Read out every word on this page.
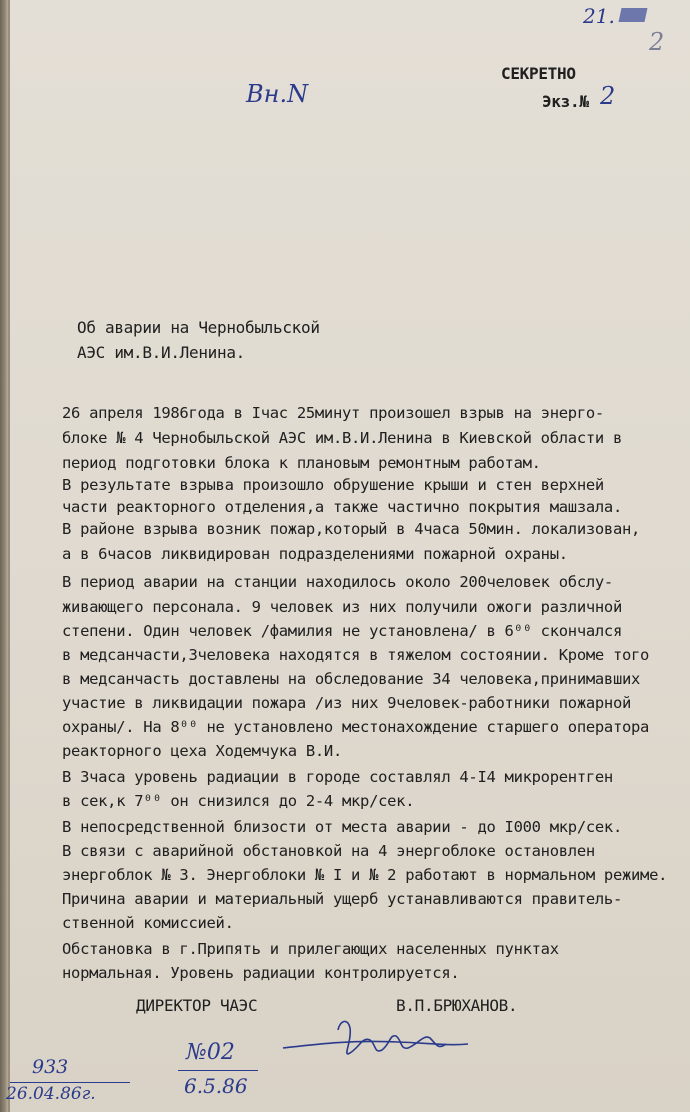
21.
2
Вн.N
СЕКРЕТНО
Экз.№ 2
Об аварии на Чернобыльской
АЭС им.В.И.Ленина.
26 апреля 1986года в Iчас 25минут произошел взрыв на энерго-
блоке № 4 Чернобыльской АЭС им.В.И.Ленина в Киевской области в
период подготовки блока к плановым ремонтным работам.
В результате взрыва произошло обрушение крыши и стен верхней
части реакторного отделения,а также частично покрытия машзала.
В районе взрыва возник пожар,который в 4часа 50мин. локализован,
а в 6часов ликвидирован подразделениями пожарной охраны.
В период аварии на станции находилось около 200человек обслу-
живающего персонала. 9 человек из них получили ожоги различной
степени. Один человек /фамилия не установлена/ в 6⁰⁰ скончался
в медсанчасти,3человека находятся в тяжелом состоянии. Кроме того
в медсанчасть доставлены на обследование 34 человека,принимавших
участие в ликвидации пожара /из них 9человек-работники пожарной
охраны/. На 8⁰⁰ не установлено местонахождение старшего оператора
реакторного цеха Ходемчука В.И.
В 3часа уровень радиации в городе составлял 4-I4 микрорентген
в сек,к 7⁰⁰ он снизился до 2-4 мкр/сек.
В непосредственной близости от места аварии - до I000 мкр/сек.
В связи с аварийной обстановкой на 4 энергоблоке остановлен
энергоблок № 3. Энергоблоки № I и № 2 работают в нормальном режиме.
Причина аварии и материальный ущерб устанавливаются правитель-
ственной комиссией.
Обстановка в г.Припять и прилегающих населенных пунктах
нормальная. Уровень радиации контролируется.
ДИРЕКТОР ЧАЭС	В.П.БРЮХАНОВ.
№02
6.5.86
933
26.04.86г.
